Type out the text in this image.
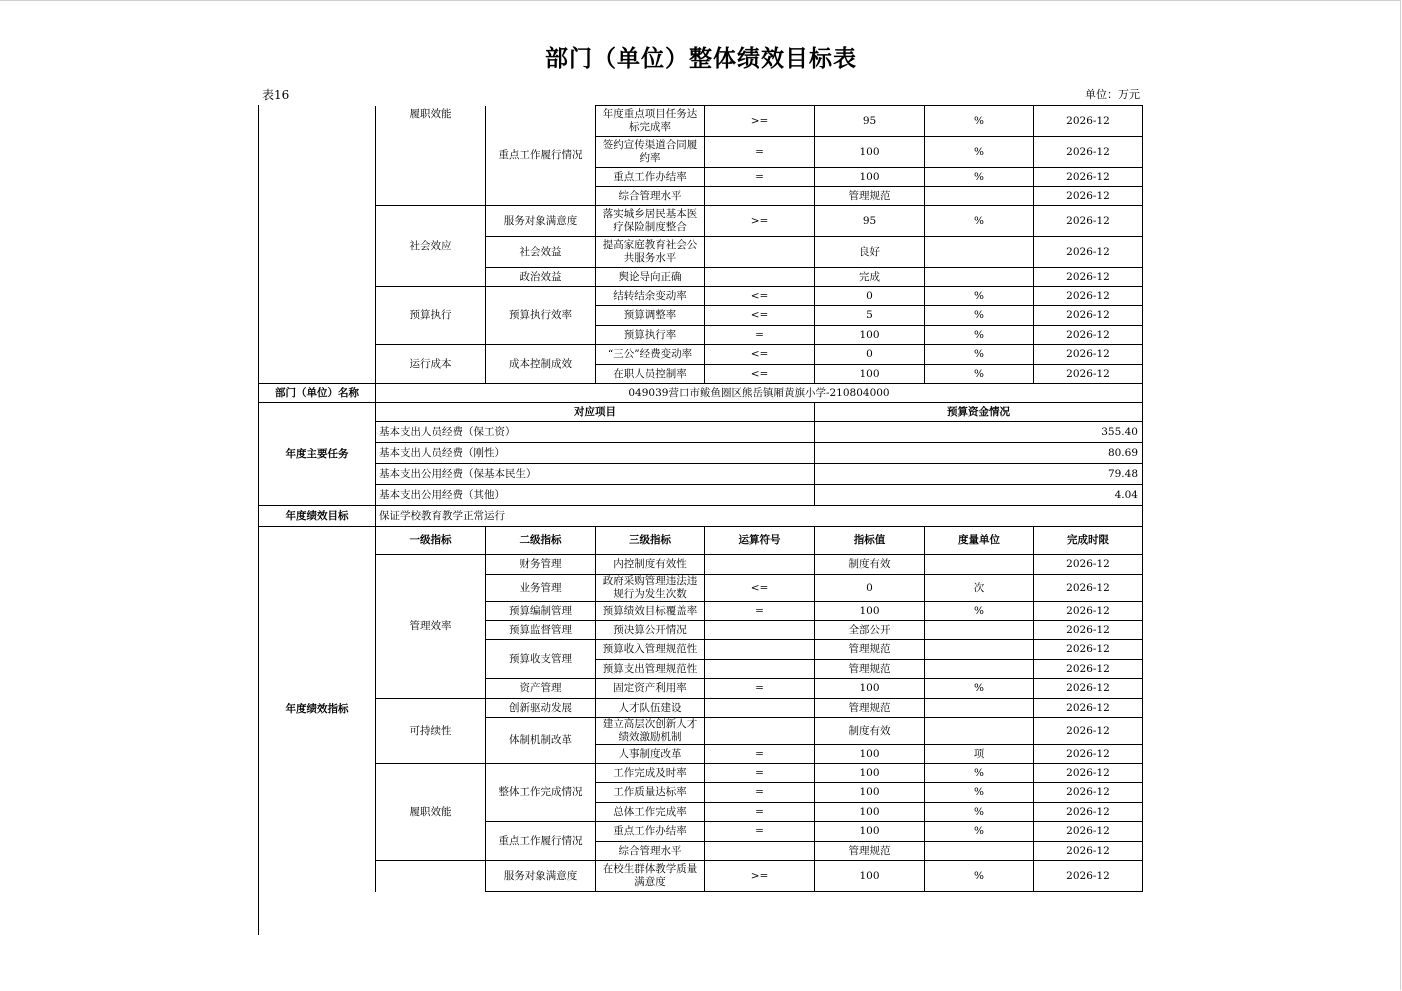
部门（单位）整体绩效目标表
表16	单位：万元
	履职效能	重点工作履行情况	年度重点项目任务达标完成率	>=	95	%	2026-12
			签约宣传渠道合同履约率	=	100	%	2026-12
			重点工作办结率	=	100	%	2026-12
			综合管理水平		管理规范		2026-12
	社会效应	服务对象满意度	落实城乡居民基本医疗保险制度整合	>=	95	%	2026-12
		社会效益	提高家庭教育社会公共服务水平		良好		2026-12
		政治效益	舆论导向正确		完成		2026-12
	预算执行	预算执行效率	结转结余变动率	<=	0	%	2026-12
			预算调整率	<=	5	%	2026-12
			预算执行率	=	100	%	2026-12
	运行成本	成本控制成效	“三公”经费变动率	<=	0	%	2026-12
			在职人员控制率	<=	100	%	2026-12
部门（单位）名称	049039营口市鲅鱼圈区熊岳镇厢黄旗小学-210804000						
年度主要任务	对应项目				预算资金情况		
	基本支出人员经费（保工资）				355.40		
	基本支出人员经费（刚性）				80.69		
	基本支出公用经费（保基本民生）				79.48		
	基本支出公用经费（其他）				4.04		
年度绩效目标	保证学校教育教学正常运行						
年度绩效指标	一级指标	二级指标	三级指标	运算符号	指标值	度量单位	完成时限
	管理效率	财务管理	内控制度有效性		制度有效		2026-12
		业务管理	政府采购管理违法违规行为发生次数	<=	0	次	2026-12
		预算编制管理	预算绩效目标覆盖率	=	100	%	2026-12
		预算监督管理	预决算公开情况		全部公开		2026-12
		预算收支管理	预算收入管理规范性		管理规范		2026-12
			预算支出管理规范性		管理规范		2026-12
		资产管理	固定资产利用率	=	100	%	2026-12
	可持续性	创新驱动发展	人才队伍建设		管理规范		2026-12
		体制机制改革	建立高层次创新人才绩效激励机制		制度有效		2026-12
			人事制度改革	=	100	项	2026-12
	履职效能	整体工作完成情况	工作完成及时率	=	100	%	2026-12
			工作质量达标率	=	100	%	2026-12
			总体工作完成率	=	100	%	2026-12
		重点工作履行情况	重点工作办结率	=	100	%	2026-12
			综合管理水平		管理规范		2026-12
		服务对象满意度	在校生群体教学质量满意度	>=	100	%	2026-12
